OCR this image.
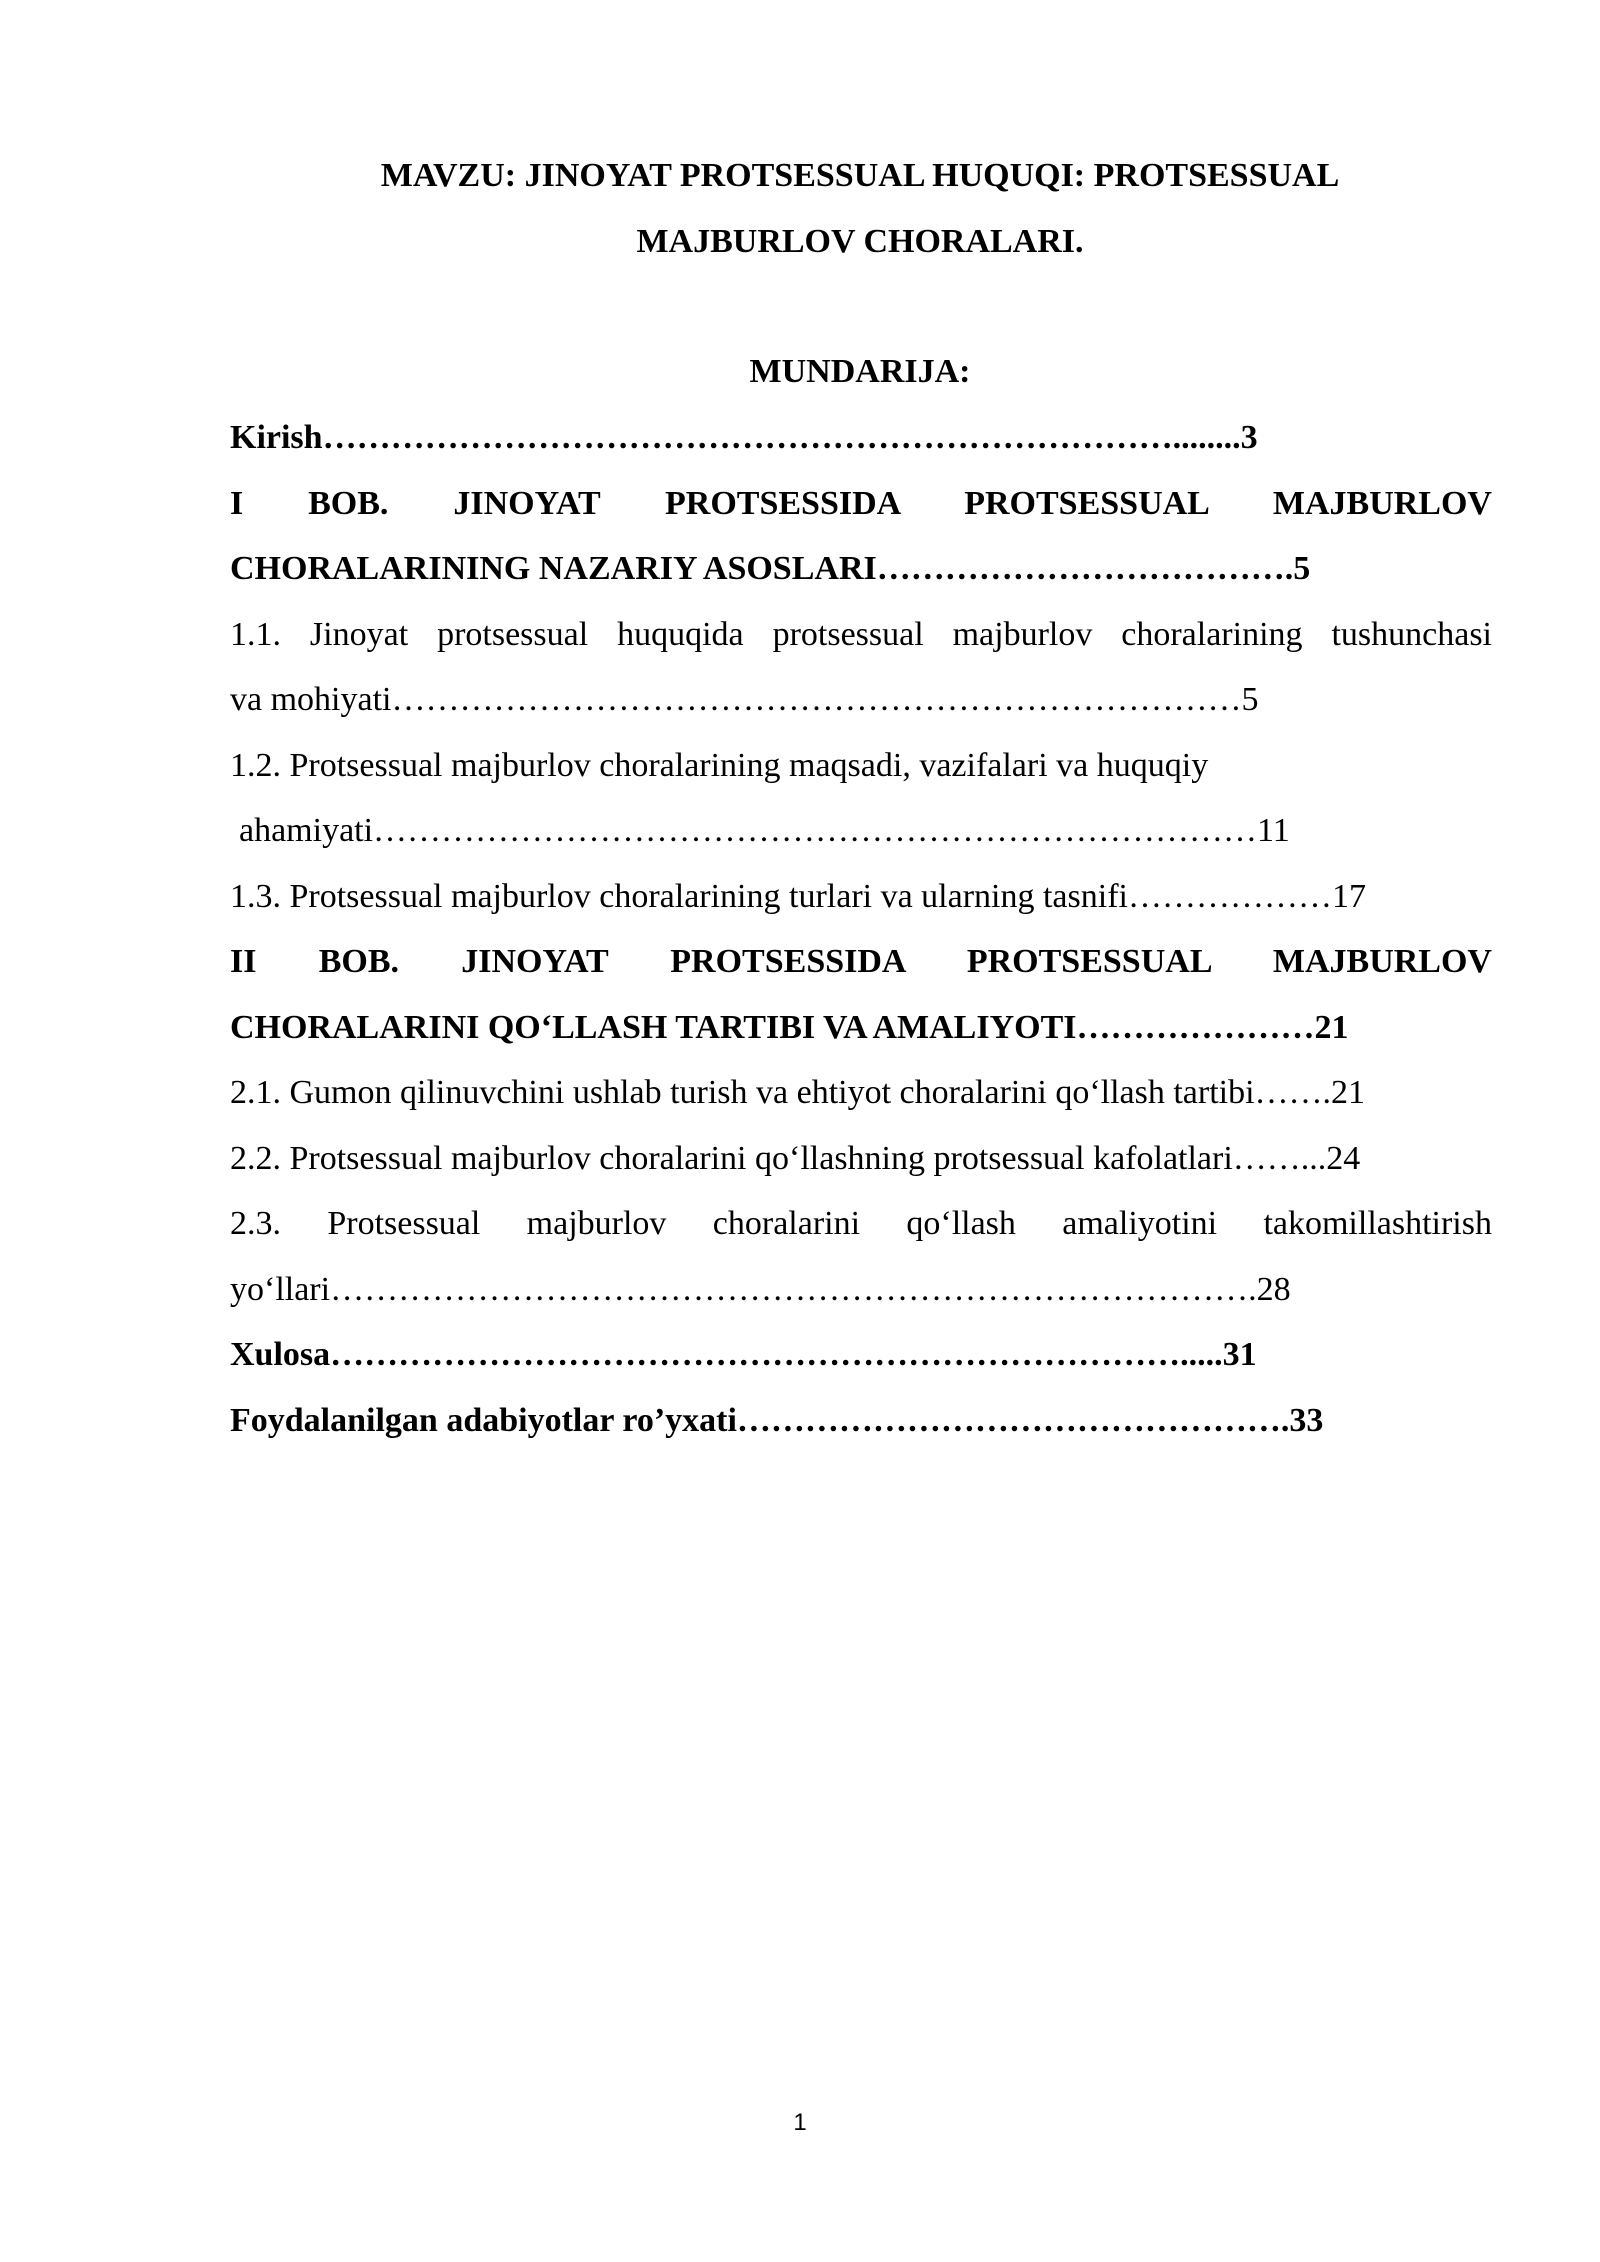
MAVZU: JINOYAT PROTSESSUAL HUQUQI: PROTSESSUAL
MAJBURLOV CHORALARI.
MUNDARIJA:
Kirish…………………………………………………………………........3
I BOB. JINOYAT PROTSESSIDA PROTSESSUAL MAJBURLOV
CHORALARINING NAZARIY ASOSLARI……………………………….5
1.1. Jinoyat protsessual huquqida protsessual majburlov choralarining tushunchasi
va mohiyati…………………………………………………………………5
1.2. Protsessual majburlov choralarining maqsadi, vazifalari va huquqiy
ahamiyati……………………………………………………………………11
1.3. Protsessual majburlov choralarining turlari va ularning tasnifi………………17
II BOB. JINOYAT PROTSESSIDA PROTSESSUAL MAJBURLOV
CHORALARINI QO‘LLASH TARTIBI VA AMALIYOTI…………………21
2.1. Gumon qilinuvchini ushlab turish va ehtiyot choralarini qo‘llash tartibi…….21
2.2. Protsessual majburlov choralarini qo‘llashning protsessual kafolatlari……...24
2.3. Protsessual majburlov choralarini qo‘llash amaliyotini takomillashtirish
yo‘llari……………………………………………………………………….28
Xulosa………………………………………………………………….....31
Foydalanilgan adabiyotlar ro’yxati………………………………………….33
1
